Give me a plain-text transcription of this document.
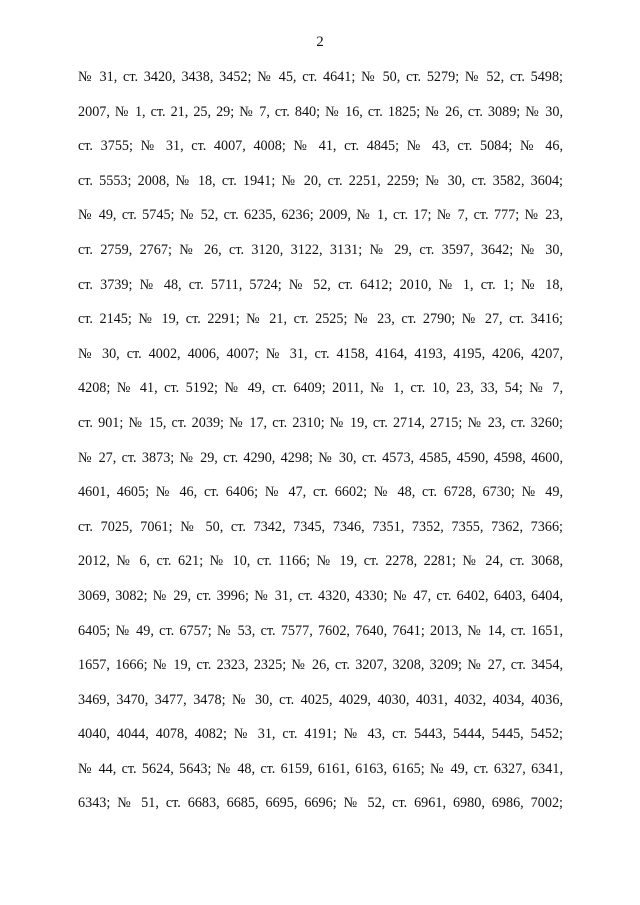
2
№ 31, ст. 3420, 3438, 3452; № 45, ст. 4641; № 50, ст. 5279; № 52, ст. 5498;
2007, № 1, ст. 21, 25, 29; № 7, ст. 840; № 16, ст. 1825; № 26, ст. 3089; № 30,
ст. 3755; № 31, ст. 4007, 4008; № 41, ст. 4845; № 43, ст. 5084; № 46,
ст. 5553; 2008, № 18, ст. 1941; № 20, ст. 2251, 2259; № 30, ст. 3582, 3604;
№ 49, ст. 5745; № 52, ст. 6235, 6236; 2009, № 1, ст. 17; № 7, ст. 777; № 23,
ст. 2759, 2767; № 26, ст. 3120, 3122, 3131; № 29, ст. 3597, 3642; № 30,
ст. 3739; № 48, ст. 5711, 5724; № 52, ст. 6412; 2010, № 1, ст. 1; № 18,
ст. 2145; № 19, ст. 2291; № 21, ст. 2525; № 23, ст. 2790; № 27, ст. 3416;
№ 30, ст. 4002, 4006, 4007; № 31, ст. 4158, 4164, 4193, 4195, 4206, 4207,
4208; № 41, ст. 5192; № 49, ст. 6409; 2011, № 1, ст. 10, 23, 33, 54; № 7,
ст. 901; № 15, ст. 2039; № 17, ст. 2310; № 19, ст. 2714, 2715; № 23, ст. 3260;
№ 27, ст. 3873; № 29, ст. 4290, 4298; № 30, ст. 4573, 4585, 4590, 4598, 4600,
4601, 4605; № 46, ст. 6406; № 47, ст. 6602; № 48, ст. 6728, 6730; № 49,
ст. 7025, 7061; № 50, ст. 7342, 7345, 7346, 7351, 7352, 7355, 7362, 7366;
2012, № 6, ст. 621; № 10, ст. 1166; № 19, ст. 2278, 2281; № 24, ст. 3068,
3069, 3082; № 29, ст. 3996; № 31, ст. 4320, 4330; № 47, ст. 6402, 6403, 6404,
6405; № 49, ст. 6757; № 53, ст. 7577, 7602, 7640, 7641; 2013, № 14, ст. 1651,
1657, 1666; № 19, ст. 2323, 2325; № 26, ст. 3207, 3208, 3209; № 27, ст. 3454,
3469, 3470, 3477, 3478; № 30, ст. 4025, 4029, 4030, 4031, 4032, 4034, 4036,
4040, 4044, 4078, 4082; № 31, ст. 4191; № 43, ст. 5443, 5444, 5445, 5452;
№ 44, ст. 5624, 5643; № 48, ст. 6159, 6161, 6163, 6165; № 49, ст. 6327, 6341,
6343; № 51, ст. 6683, 6685, 6695, 6696; № 52, ст. 6961, 6980, 6986, 7002;
